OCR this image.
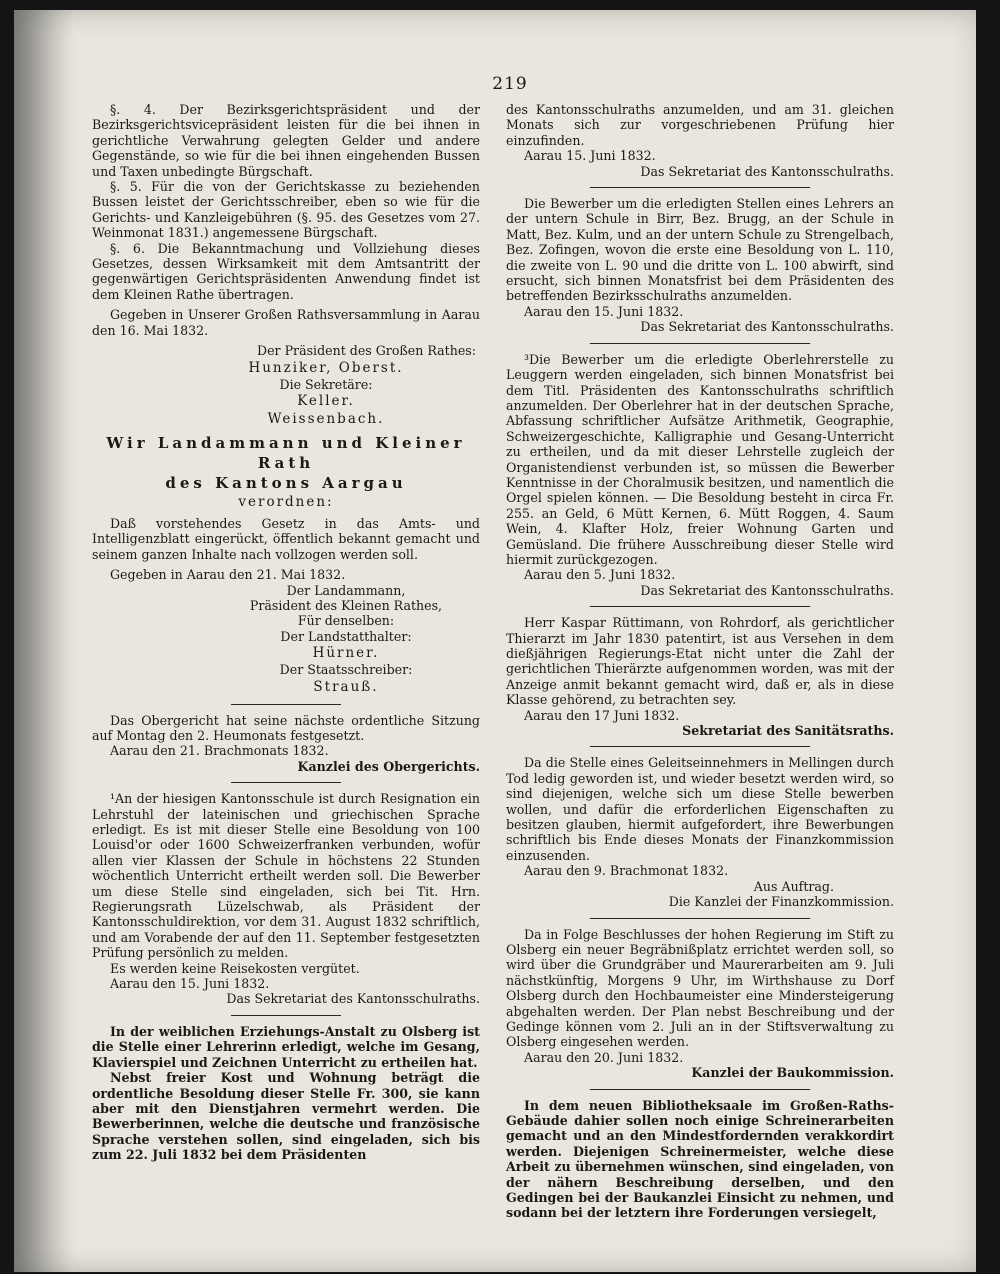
219

§. 4. Der Bezirksgerichtspräsident und der Bezirksgerichtsvicepräsident leisten für die bei ihnen in gerichtliche Verwahrung gelegten Gelder und andere Gegenstände, so wie für die bei ihnen eingehenden Bussen und Taxen unbedingte Bürgschaft.

§. 5. Für die von der Gerichtskasse zu beziehenden Bussen leistet der Gerichtsschreiber, eben so wie für die Gerichts- und Kanzleigebühren (§. 95. des Gesetzes vom 27. Weinmonat 1831.) angemessene Bürgschaft.

§. 6. Die Bekanntmachung und Vollziehung dieses Gesetzes, dessen Wirksamkeit mit dem Amtsantritt der gegenwärtigen Gerichtspräsidenten Anwendung findet ist dem Kleinen Rathe übertragen.

Gegeben in Unserer Großen Rathsversammlung in Aarau den 16. Mai 1832.

Der Präsident des Großen Rathes:

Hunziker, Oberst.

Die Sekretäre:

Keller.

Weissenbach.

Wir Landammann und Kleiner Rath

des Kantons Aargau

verordnen:

Daß vorstehendes Gesetz in das Amts- und Intelligenzblatt eingerückt, öffentlich bekannt gemacht und seinem ganzen Inhalte nach vollzogen werden soll.

Gegeben in Aarau den 21. Mai 1832.

Der Landammann,

Präsident des Kleinen Rathes,

Für denselben:

Der Landstatthalter:

Hürner.

Der Staatsschreiber:

Strauß.

Das Obergericht hat seine nächste ordentliche Sitzung auf Montag den 2. Heumonats festgesetzt.

Aarau den 21. Brachmonats 1832.

Kanzlei des Obergerichts.

¹An der hiesigen Kantonsschule ist durch Resignation ein Lehrstuhl der lateinischen und griechischen Sprache erledigt. Es ist mit dieser Stelle eine Besoldung von 100 Louisd'or oder 1600 Schweizerfranken verbunden, wofür allen vier Klassen der Schule in höchstens 22 Stunden wöchentlich Unterricht ertheilt werden soll. Die Bewerber um diese Stelle sind eingeladen, sich bei Tit. Hrn. Regierungsrath Lüzelschwab, als Präsident der Kantonsschuldirektion, vor dem 31. August 1832 schriftlich, und am Vorabende der auf den 11. September festgesetzten Prüfung persönlich zu melden.

Es werden keine Reisekosten vergütet.

Aarau den 15. Juni 1832.

Das Sekretariat des Kantonsschulraths.

In der weiblichen Erziehungs-Anstalt zu Olsberg ist die Stelle einer Lehrerinn erledigt, welche im Gesang, Klavierspiel und Zeichnen Unterricht zu ertheilen hat.

Nebst freier Kost und Wohnung beträgt die ordentliche Besoldung dieser Stelle Fr. 300, sie kann aber mit den Dienstjahren vermehrt werden. Die Bewerberinnen, welche die deutsche und französische Sprache verstehen sollen, sind eingeladen, sich bis zum 22. Juli 1832 bei dem Präsidenten

des Kantonsschulraths anzumelden, und am 31. gleichen Monats sich zur vorgeschriebenen Prüfung hier einzufinden.

Aarau 15. Juni 1832.

Das Sekretariat des Kantonsschulraths.

Die Bewerber um die erledigten Stellen eines Lehrers an der untern Schule in Birr, Bez. Brugg, an der Schule in Matt, Bez. Kulm, und an der untern Schule zu Strengelbach, Bez. Zofingen, wovon die erste eine Besoldung von L. 110, die zweite von L. 90 und die dritte von L. 100 abwirft, sind ersucht, sich binnen Monatsfrist bei dem Präsidenten des betreffenden Bezirksschulraths anzumelden.

Aarau den 15. Juni 1832.

Das Sekretariat des Kantonsschulraths.

³Die Bewerber um die erledigte Oberlehrerstelle zu Leuggern werden eingeladen, sich binnen Monatsfrist bei dem Titl. Präsidenten des Kantonsschulraths schriftlich anzumelden. Der Oberlehrer hat in der deutschen Sprache, Abfassung schriftlicher Aufsätze Arithmetik, Geographie, Schweizergeschichte, Kalligraphie und Gesang-Unterricht zu ertheilen, und da mit dieser Lehrstelle zugleich der Organistendienst verbunden ist, so müssen die Bewerber Kenntnisse in der Choralmusik besitzen, und namentlich die Orgel spielen können. — Die Besoldung besteht in circa Fr. 255. an Geld, 6 Mütt Kernen, 6. Mütt Roggen, 4. Saum Wein, 4. Klafter Holz, freier Wohnung Garten und Gemüsland. Die frühere Ausschreibung dieser Stelle wird hiermit zurückgezogen.

Aarau den 5. Juni 1832.

Das Sekretariat des Kantonsschulraths.

Herr Kaspar Rüttimann, von Rohrdorf, als gerichtlicher Thierarzt im Jahr 1830 patentirt, ist aus Versehen in dem dießjährigen Regierungs-Etat nicht unter die Zahl der gerichtlichen Thierärzte aufgenommen worden, was mit der Anzeige anmit bekannt gemacht wird, daß er, als in diese Klasse gehörend, zu betrachten sey.

Aarau den 17 Juni 1832.

Sekretariat des Sanitätsraths.

Da die Stelle eines Geleitseinnehmers in Mellingen durch Tod ledig geworden ist, und wieder besetzt werden wird, so sind diejenigen, welche sich um diese Stelle bewerben wollen, und dafür die erforderlichen Eigenschaften zu besitzen glauben, hiermit aufgefordert, ihre Bewerbungen schriftlich bis Ende dieses Monats der Finanzkommission einzusenden.

Aarau den 9. Brachmonat 1832.

Aus Auftrag.

Die Kanzlei der Finanzkommission.

Da in Folge Beschlusses der hohen Regierung im Stift zu Olsberg ein neuer Begräbnißplatz errichtet werden soll, so wird über die Grundgräber und Maurerarbeiten am 9. Juli nächstkünftig, Morgens 9 Uhr, im Wirthshause zu Dorf Olsberg durch den Hochbaumeister eine Mindersteigerung abgehalten werden. Der Plan nebst Beschreibung und der Gedinge können vom 2. Juli an in der Stiftsverwaltung zu Olsberg eingesehen werden.

Aarau den 20. Juni 1832.

Kanzlei der Baukommission.

In dem neuen Bibliotheksaale im Großen-Raths-Gebäude dahier sollen noch einige Schreinerarbeiten gemacht und an den Mindestfordernden verakkordirt werden. Diejenigen Schreinermeister, welche diese Arbeit zu übernehmen wünschen, sind eingeladen, von der nähern Beschreibung derselben, und den Gedingen bei der Baukanzlei Einsicht zu nehmen, und sodann bei der letztern ihre Forderungen versiegelt,
